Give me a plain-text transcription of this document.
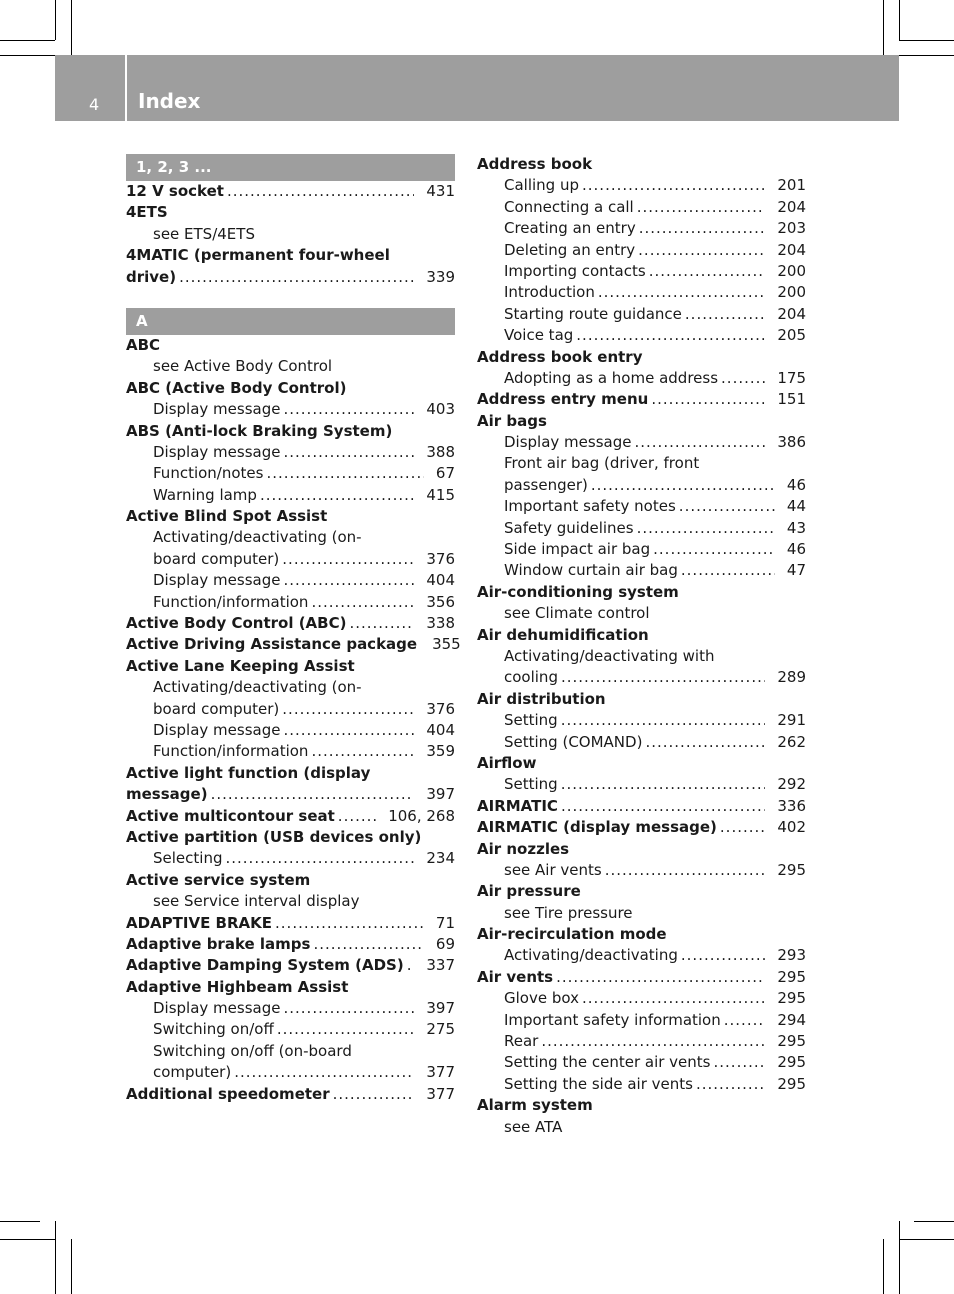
4 Index
1, 2, 3 ...
12 V socket .....	431
4ETS
see ETS/4ETS
4MATIC (permanent four-wheel
drive) .....	339
A
ABC
see Active Body Control
ABC (Active Body Control)
Display message .....	403
ABS (Anti-lock Braking System)
Display message .....	388
Function/notes .....	67
Warning lamp .....	415
Active Blind Spot Assist
Activating/deactivating (on-
board computer) .....	376
Display message .....	404
Function/information .....	356
Active Body Control (ABC) .....	338
Active Driving Assistance package	355
Active Lane Keeping Assist
Activating/deactivating (on-
board computer) .....	376
Display message .....	404
Function/information .....	359
Active light function (display
message) .....	397
Active multicontour seat .....	106, 268
Active partition (USB devices only)
Selecting .....	234
Active service system
see Service interval display
ADAPTIVE BRAKE .....	71
Adaptive brake lamps .....	69
Adaptive Damping System (ADS) .....	337
Adaptive Highbeam Assist
Display message .....	397
Switching on/off .....	275
Switching on/off (on-board
computer) .....	377
Additional speedometer .....	377
Address book
Calling up .....	201
Connecting a call .....	204
Creating an entry .....	203
Deleting an entry .....	204
Importing contacts .....	200
Introduction .....	200
Starting route guidance .....	204
Voice tag .....	205
Address book entry
Adopting as a home address .....	175
Address entry menu .....	151
Air bags
Display message .....	386
Front air bag (driver, front
passenger) .....	46
Important safety notes .....	44
Safety guidelines .....	43
Side impact air bag .....	46
Window curtain air bag .....	47
Air-conditioning system
see Climate control
Air dehumidification
Activating/deactivating with
cooling .....	289
Air distribution
Setting .....	291
Setting (COMAND) .....	262
Airflow
Setting .....	292
AIRMATIC .....	336
AIRMATIC (display message) .....	402
Air nozzles
see Air vents .....	295
Air pressure
see Tire pressure
Air-recirculation mode
Activating/deactivating .....	293
Air vents .....	295
Glove box .....	295
Important safety information .....	294
Rear .....	295
Setting the center air vents .....	295
Setting the side air vents .....	295
Alarm system
see ATA
